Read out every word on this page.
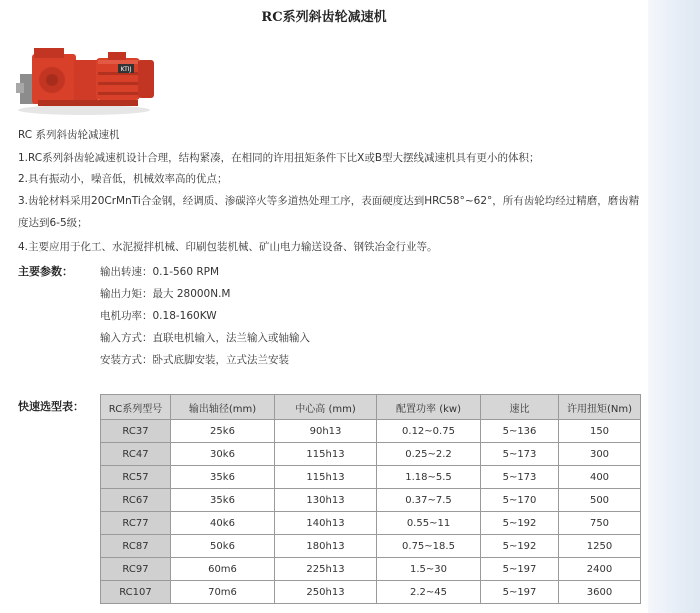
RC系列斜齿轮减速机
KTIJ
RC 系列斜齿轮减速机
1.RC系列斜齿轮减速机设计合理，结构紧凑，在相同的许用扭矩条件下比X或B型大摆线减速机具有更小的体积；
2.具有振动小，噪音低，机械效率高的优点；
3.齿轮材料采用20CrMnTi合金钢，经调质、渗碳淬火等多道热处理工序，表面硬度达到HRC58°~62°，所有齿轮均经过精磨，磨齿精度达到6-5级；
4.主要应用于化工、水泥搅拌机械、印刷包装机械、矿山电力输送设备、钢铁冶金行业等。
主要参数：	输出转速：0.1-560 RPM
输出力矩：最大 28000N.M
电机功率：0.18-160KW
输入方式：直联电机输入，法兰输入或轴输入
安装方式：卧式底脚安装，立式法兰安装
快速选型表： RC系列型号	输出轴径(mm)	中心高 (mm)	配置功率 (kw)	速比	许用扭矩(Nm)
RC37	25k6	90h13	0.12~0.75	5~136	150
RC47	30k6	115h13	0.25~2.2	5~173	300
RC57	35k6	115h13	1.18~5.5	5~173	400
RC67	35k6	130h13	0.37~7.5	5~170	500
RC77	40k6	140h13	0.55~11	5~192	750
RC87	50k6	180h13	0.75~18.5	5~192	1250
RC97	60m6	225h13	1.5~30	5~197	2400
RC107	70m6	250h13	2.2~45	5~197	3600
